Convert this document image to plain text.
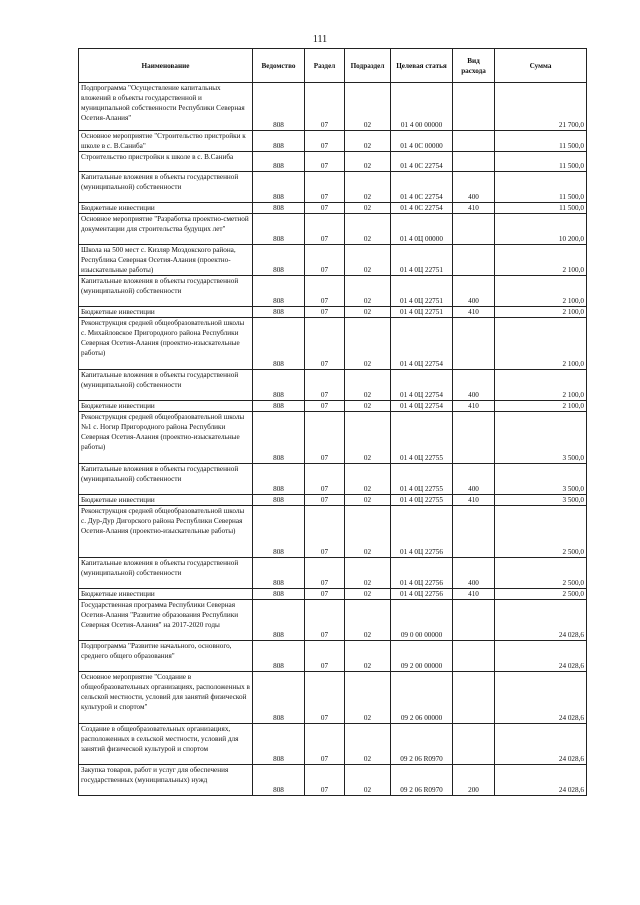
111
Наименование	Ведомство	Раздел	Подраздел	Целевая статья	Вид расхода	Сумма
Подпрограмма "Осуществление капитальных вложений в объекты государственной и муниципальной собственности Республики Северная Осетия-Алания"	808	07	02	01 4 00 00000		21 700,0
Основное мероприятие "Строительство пристройки к школе в с. В.Саниба"	808	07	02	01 4 0С 00000		11 500,0
Строительство пристройки к школе в с. В.Саниба	808	07	02	01 4 0С 22754		11 500,0
Капитальные вложения в объекты государственной (муниципальной) собственности	808	07	02	01 4 0С 22754	400	11 500,0
Бюджетные инвестиции	808	07	02	01 4 0С 22754	410	11 500,0
Основное мероприятие "Разработка проектно-сметной документации для строительства будущих лет"	808	07	02	01 4 0Ц 00000		10 200,0
Школа на 500 мест с. Кизляр Моздокского района, Республика Северная Осетия-Алания (проектно-изыскательные работы)	808	07	02	01 4 0Ц 22751		2 100,0
Капитальные вложения в объекты государственной (муниципальной) собственности	808	07	02	01 4 0Ц 22751	400	2 100,0
Бюджетные инвестиции	808	07	02	01 4 0Ц 22751	410	2 100,0
Реконструкция средней общеобразовательной школы с. Михайловское Пригородного района Республики Северная Осетия-Алания (проектно-изыскательные работы)	808	07	02	01 4 0Ц 22754		2 100,0
Капитальные вложения в объекты государственной (муниципальной) собственности	808	07	02	01 4 0Ц 22754	400	2 100,0
Бюджетные инвестиции	808	07	02	01 4 0Ц 22754	410	2 100,0
Реконструкция средней общеобразовательной школы №1 с. Ногир Пригородного района Республики Северная Осетия-Алания (проектно-изыскательные работы)	808	07	02	01 4 0Ц 22755		3 500,0
Капитальные вложения в объекты государственной (муниципальной) собственности	808	07	02	01 4 0Ц 22755	400	3 500,0
Бюджетные инвестиции	808	07	02	01 4 0Ц 22755	410	3 500,0
Реконструкция средней общеобразовательной школы с. Дур-Дур Дигорского района Республики Северная Осетия-Алания (проектно-изыскательные работы)	808	07	02	01 4 0Ц 22756		2 500,0
Капитальные вложения в объекты государственной (муниципальной) собственности	808	07	02	01 4 0Ц 22756	400	2 500,0
Бюджетные инвестиции	808	07	02	01 4 0Ц 22756	410	2 500,0
Государственная программа Республики Северная Осетия-Алания "Развитие образования Республики Северная Осетия-Алания" на 2017-2020 годы	808	07	02	09 0 00 00000		24 028,6
Подпрограмма "Развитие начального, основного, среднего общего образования"	808	07	02	09 2 00 00000		24 028,6
Основное мероприятие "Создание в общеобразовательных организациях, расположенных в сельской местности, условий для занятий физической культурой и спортом"	808	07	02	09 2 06 00000		24 028,6
Создание в общеобразовательных организациях, расположенных в сельской местности, условий для занятий физической культурой и спортом	808	07	02	09 2 06 R0970		24 028,6
Закупка товаров, работ и услуг для обеспечения государственных (муниципальных) нужд	808	07	02	09 2 06 R0970	200	24 028,6
